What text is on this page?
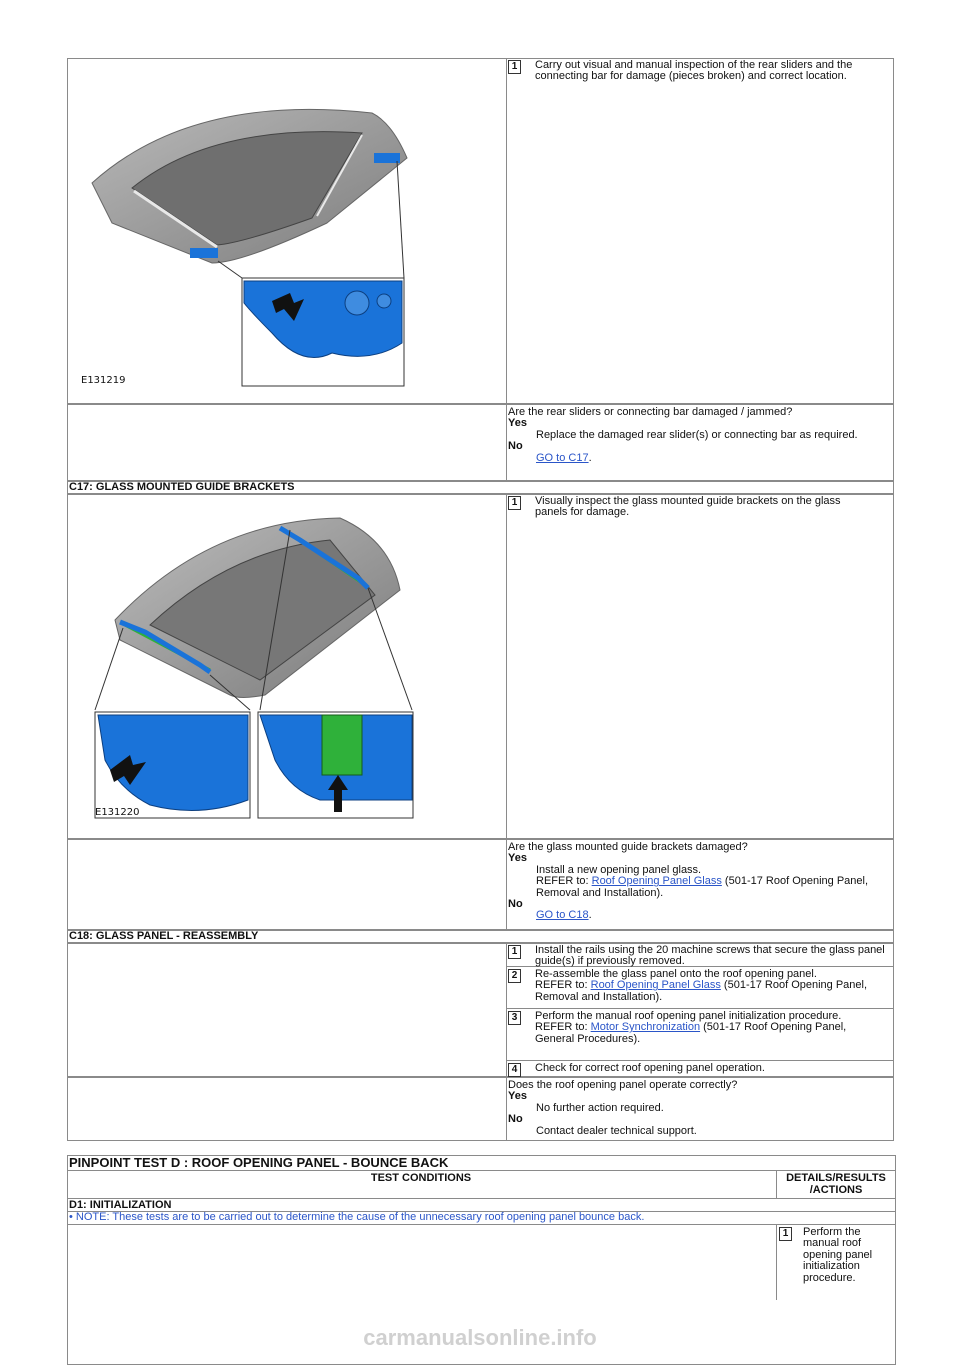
E131219
1	Carry out visual and manual inspection of the rear sliders and the connecting bar for damage (pieces broken) and correct location.
Are the rear sliders or connecting bar damaged / jammed?
Yes
Replace the damaged rear slider(s) or connecting bar as required.
No
GO to C17.
C17: GLASS MOUNTED GUIDE BRACKETS
E131220
1	Visually inspect the glass mounted guide brackets on the glass panels for damage.
Are the glass mounted guide brackets damaged?
Yes
Install a new opening panel glass.
REFER to: Roof Opening Panel Glass (501-17 Roof Opening Panel, Removal and Installation).
No
GO to C18.
C18: GLASS PANEL - REASSEMBLY
1	Install the rails using the 20 machine screws that secure the glass panel guide(s) if previously removed.
2	Re-assemble the glass panel onto the roof opening panel.
REFER to: Roof Opening Panel Glass (501-17 Roof Opening Panel, Removal and Installation).
3	Perform the manual roof opening panel initialization procedure.
REFER to: Motor Synchronization (501-17 Roof Opening Panel, General Procedures).
4	Check for correct roof opening panel operation.
Does the roof opening panel operate correctly?
Yes
No further action required.
No
Contact dealer technical support.
PINPOINT TEST D : ROOF OPENING PANEL - BOUNCE BACK
TEST CONDITIONS	DETAILS/RESULTS /ACTIONS
D1: INITIALIZATION
• NOTE: These tests are to be carried out to determine the cause of the unnecessary roof opening panel bounce back.
1	Perform the manual roof opening panel initialization procedure.
carmanualsonline.info
